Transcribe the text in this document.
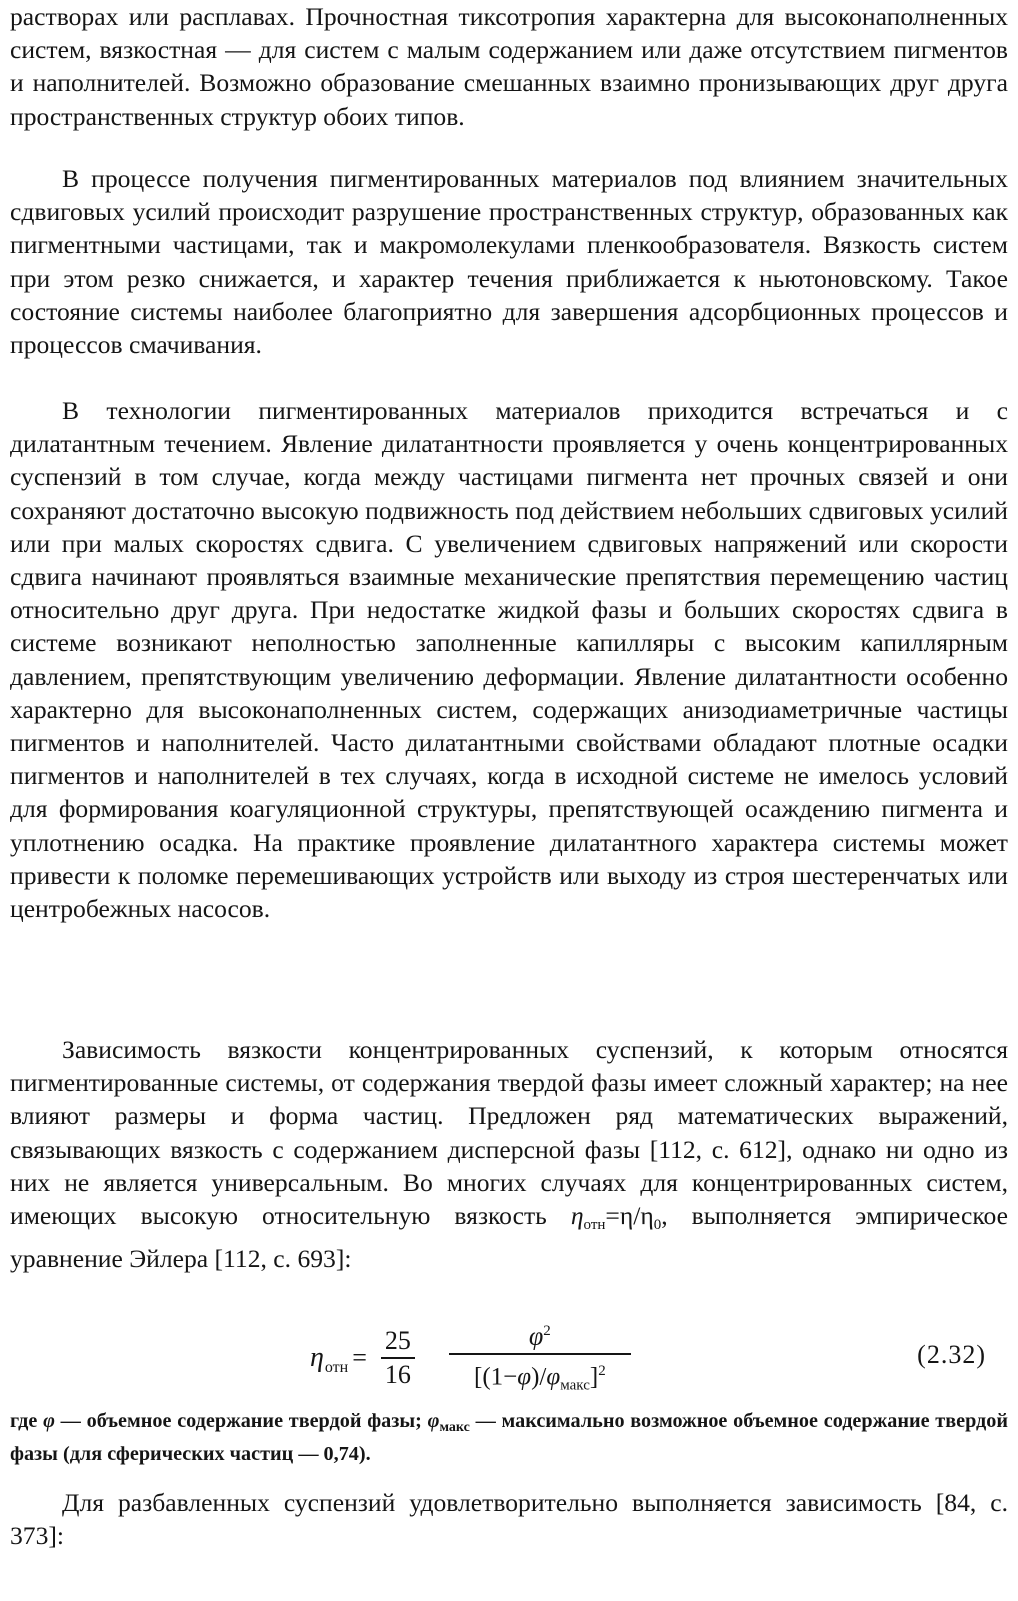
растворах или расплавах. Прочностная тиксотропия характерна для высоконаполненных систем, вязкостная — для систем с малым содержанием или даже отсутствием пигментов и наполнителей. Возможно образование смешанных взаимно пронизывающих друг друга пространственных структур обоих типов.

В процессе получения пигментированных материалов под влиянием значительных сдвиговых усилий происходит разрушение пространственных структур, образованных как пигментными частицами, так и макромолекулами пленкообразователя. Вязкость систем при этом резко снижается, и характер течения приближается к ньютоновскому. Такое состояние системы наиболее благоприятно для завершения адсорбционных процессов и процессов смачивания.

В технологии пигментированных материалов приходится встречаться и с дилатантным течением. Явление дилатантности проявляется у очень концентрированных суспензий в том случае, когда между частицами пигмента нет прочных связей и они сохраняют достаточно высокую подвижность под действием небольших сдвиговых усилий или при малых скоростях сдвига. С увеличением сдвиговых напряжений или скорости сдвига начинают проявляться взаимные механические препятствия перемещению частиц относительно друг друга. При недостатке жидкой фазы и больших скоростях сдвига в системе возникают неполностью заполненные капилляры с высоким капиллярным давлением, препятствующим увеличению деформации. Явление дилатантности особенно характерно для высоконаполненных систем, содержащих анизодиаметричные частицы пигментов и наполнителей. Часто дилатантными свойствами обладают плотные осадки пигментов и наполнителей в тех случаях, когда в исходной системе не имелось условий для формирования коагуляционной структуры, препятствующей осаждению пигмента и уплотнению осадка. На практике проявление дилатантного характера системы может привести к поломке перемешивающих устройств или выходу из строя шестеренчатых или центробежных насосов.

Зависимость вязкости концентрированных суспензий, к которым относятся пигментированные системы, от содержания твердой фазы имеет сложный характер; на нее влияют размеры и форма частиц. Предложен ряд математических выражений, связывающих вязкость с содержанием дисперсной фазы [112, с. 612], однако ни одно из них не является универсальным. Во многих случаях для концентрированных систем, имеющих высокую относительную вязкость $\eta_{отн}=\eta/\eta_0$, выполняется эмпирическое уравнение Эйлера [112, с. 693]:

η отн = $\frac{25}{16} \frac{\varphi^2}{[(1-\varphi)/\varphi_{макс}]^2}$	(2.32)

где φ — объемное содержание твердой фазы; φмакс — максимально возможное объемное содержание твердой фазы (для сферических частиц — 0,74).

Для разбавленных суспензий удовлетворительно выполняется зависимость [84, с. 373]:
